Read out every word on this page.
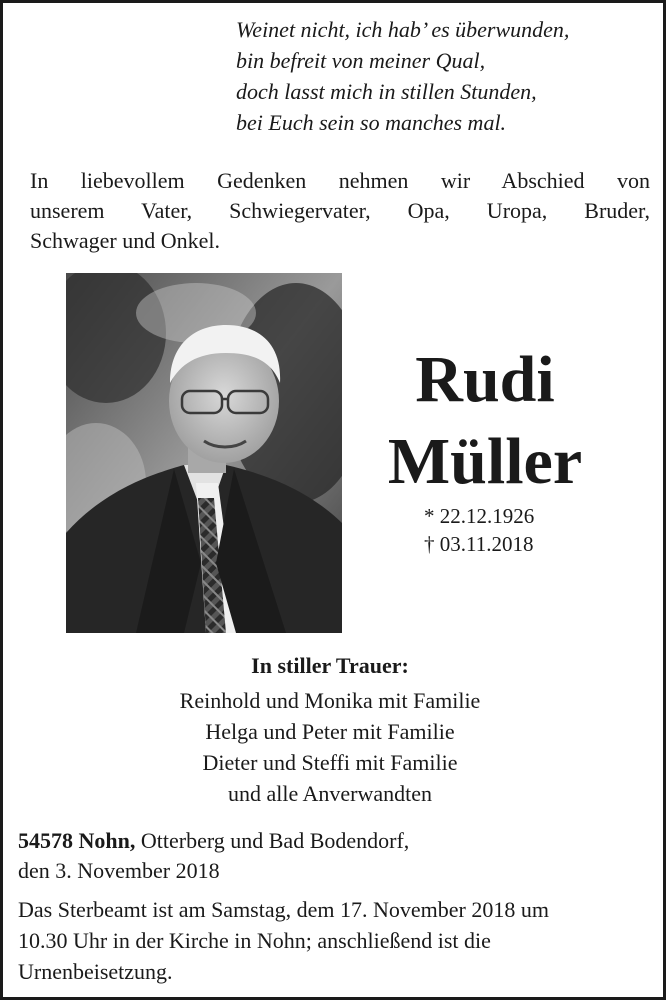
Weinet nicht, ich hab’ es überwunden,
bin befreit von meiner Qual,
doch lasst mich in stillen Stunden,
bei Euch sein so manches mal.
In liebevollem Gedenken nehmen wir Abschied von
unserem Vater, Schwiegervater, Opa, Uropa, Bruder,
Schwager und Onkel.
Rudi
Müller
* 22.12.1926
† 03.11.2018
In stiller Trauer:
Reinhold und Monika mit Familie
Helga und Peter mit Familie
Dieter und Steffi mit Familie
und alle Anverwandten
54578 Nohn, Otterberg und Bad Bodendorf,
den 3. November 2018
Das Sterbeamt ist am Samstag, dem 17. November 2018 um
10.30 Uhr in der Kirche in Nohn; anschließend ist die
Urnenbeisetzung.
